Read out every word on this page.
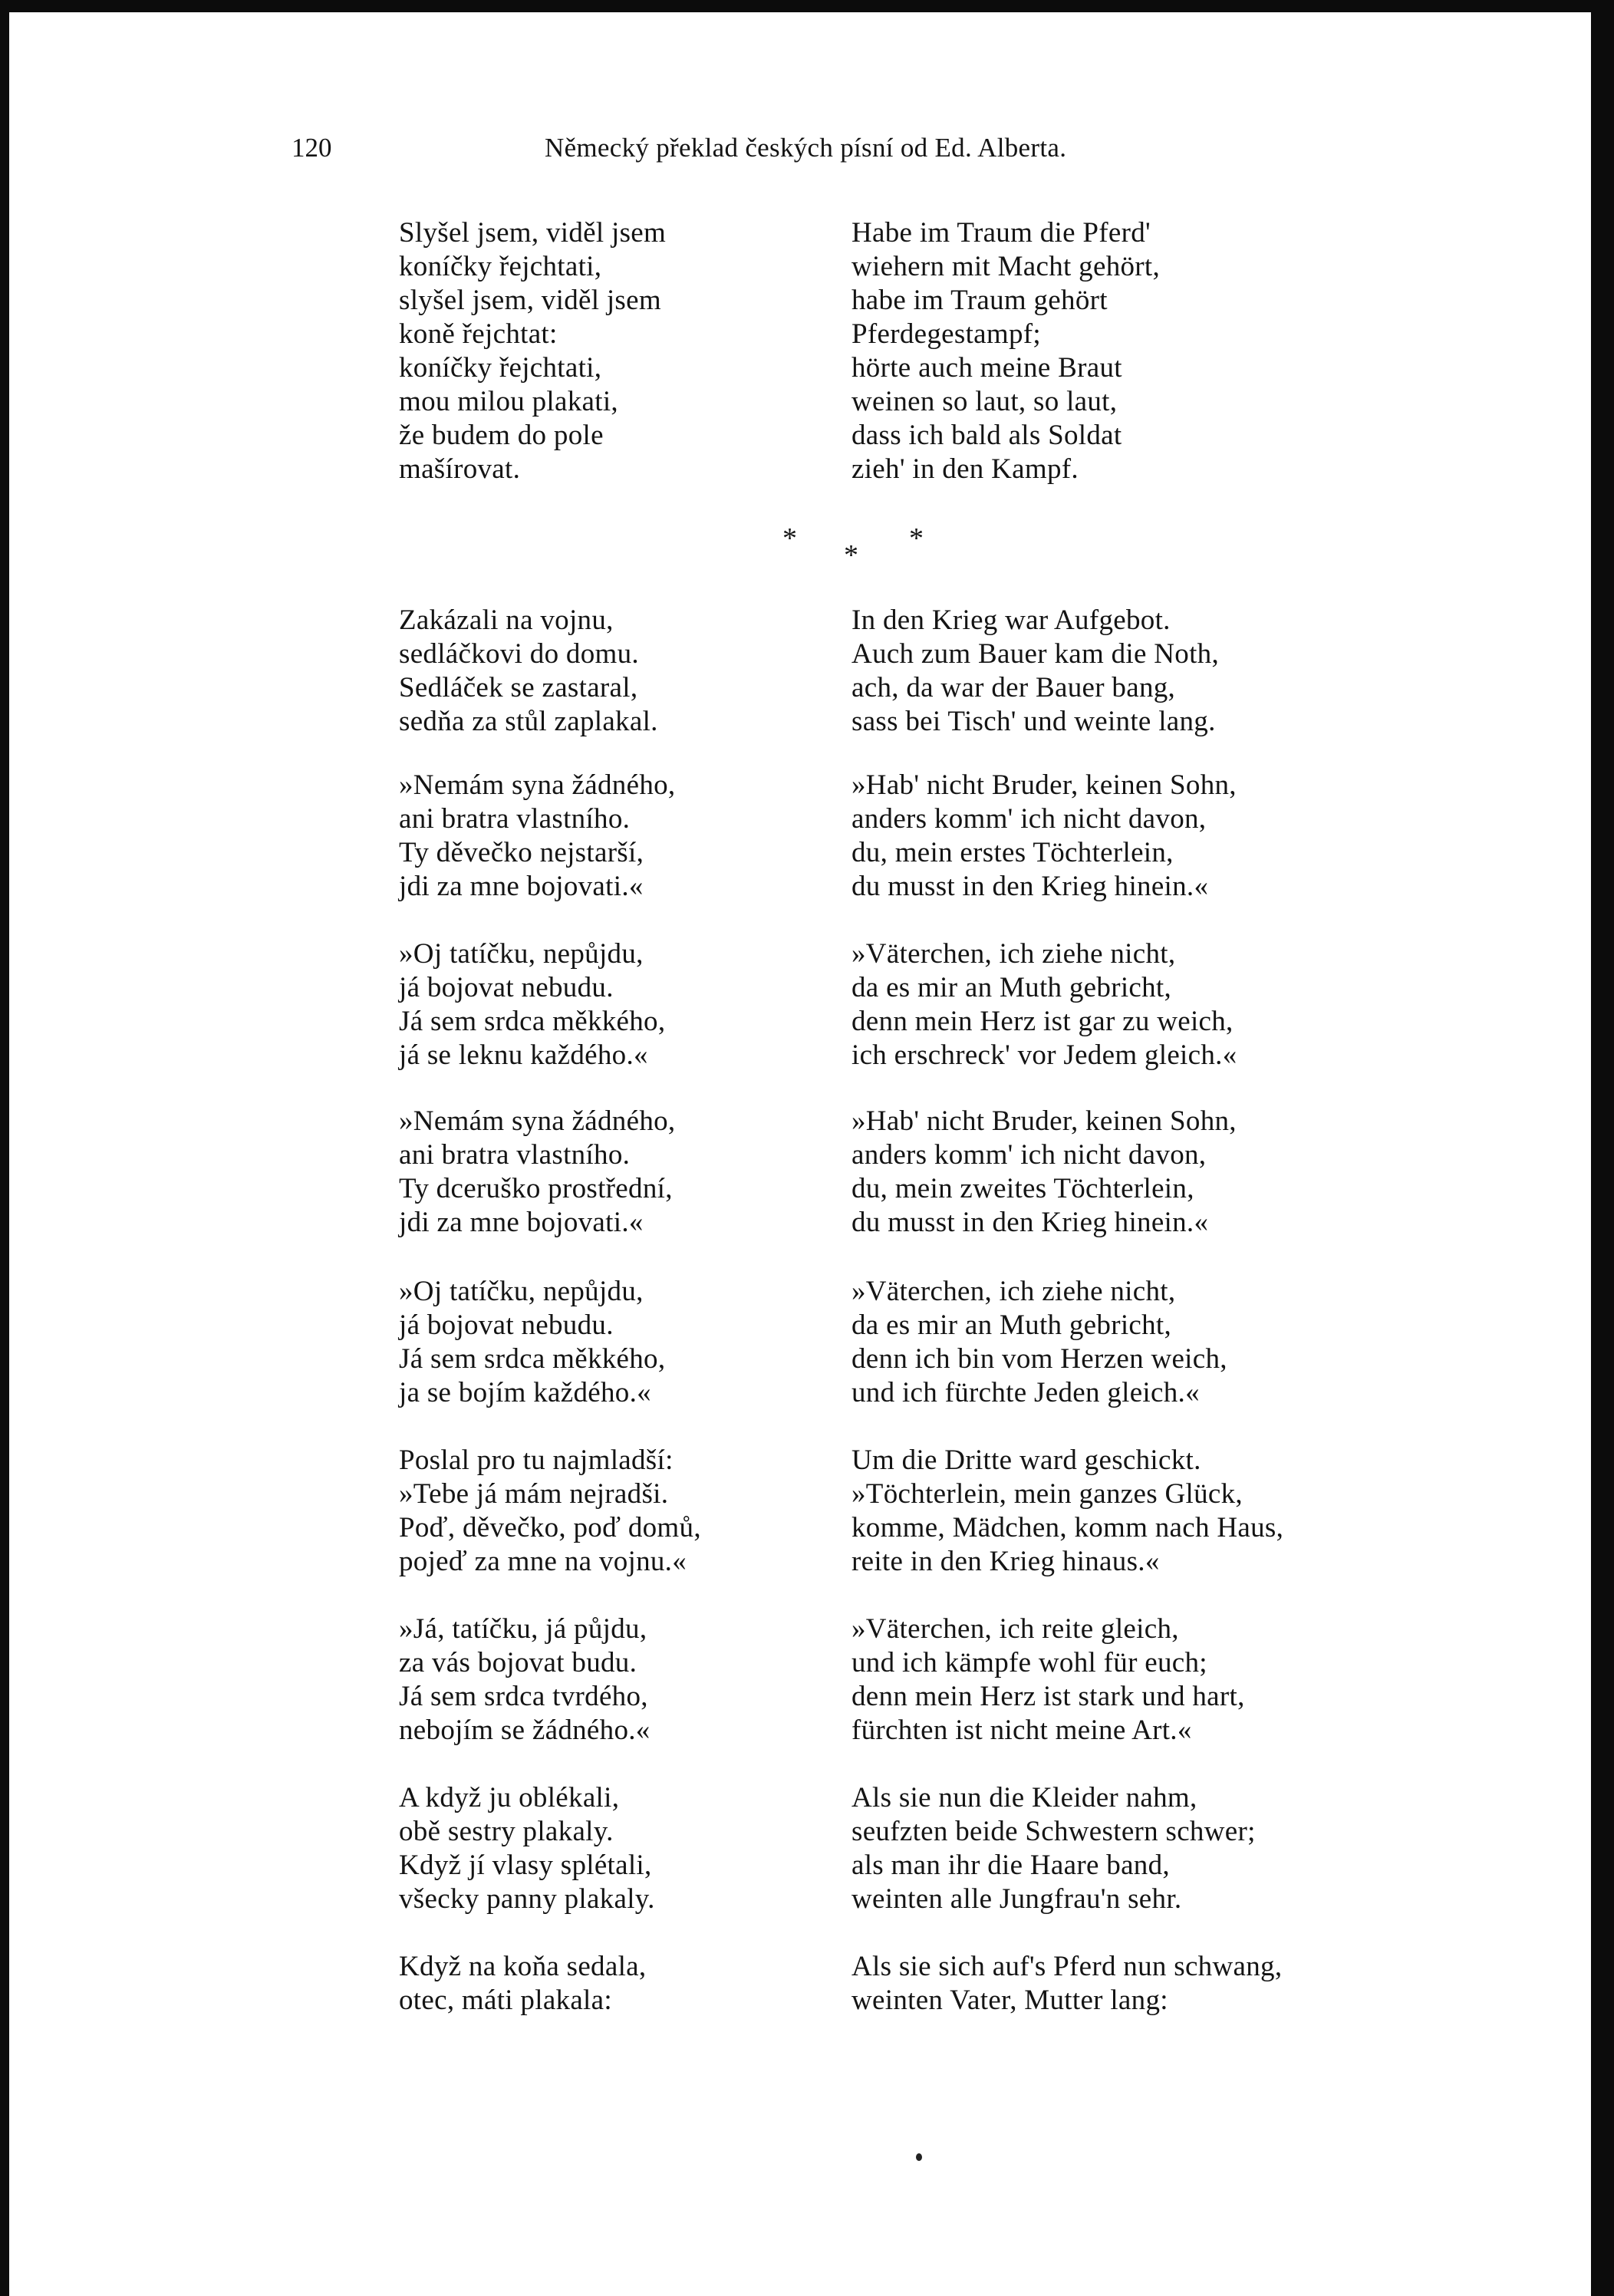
120	Německý překlad českých písní od Ed. Alberta.
Slyšel jsem, viděl jsem
koníčky řejchtati,
slyšel jsem, viděl jsem
koně řejchtat:
koníčky řejchtati,
mou milou plakati,
že budem do pole
mašírovat.
Zakázali na vojnu,
sedláčkovi do domu.
Sedláček se zastaral,
sedňa za stůl zaplakal.
»Nemám syna žádného,
ani bratra vlastního.
Ty děvečko nejstarší,
jdi za mne bojovati.«
»Oj tatíčku, nepůjdu,
já bojovat nebudu.
Já sem srdca měkkého,
já se leknu každého.«
»Nemám syna žádného,
ani bratra vlastního.
Ty dceruško prostřední,
jdi za mne bojovati.«
»Oj tatíčku, nepůjdu,
já bojovat nebudu.
Já sem srdca měkkého,
ja se bojím každého.«
Poslal pro tu najmladší:
»Tebe já mám nejradši.
Poď, děvečko, poď domů,
pojeď za mne na vojnu.«
»Já, tatíčku, já půjdu,
za vás bojovat budu.
Já sem srdca tvrdého,
nebojím se žádného.«
A když ju oblékali,
obě sestry plakaly.
Když jí vlasy splétali,
všecky panny plakaly.
Když na koňa sedala,
otec, máti plakala:
Habe im Traum die Pferd'
wiehern mit Macht gehört,
habe im Traum gehört
Pferdegestampf;
hörte auch meine Braut
weinen so laut, so laut,
dass ich bald als Soldat
zieh' in den Kampf.
In den Krieg war Aufgebot.
Auch zum Bauer kam die Noth,
ach, da war der Bauer bang,
sass bei Tisch' und weinte lang.
»Hab' nicht Bruder, keinen Sohn,
anders komm' ich nicht davon,
du, mein erstes Töchterlein,
du musst in den Krieg hinein.«
»Väterchen, ich ziehe nicht,
da es mir an Muth gebricht,
denn mein Herz ist gar zu weich,
ich erschreck' vor Jedem gleich.«
»Hab' nicht Bruder, keinen Sohn,
anders komm' ich nicht davon,
du, mein zweites Töchterlein,
du musst in den Krieg hinein.«
»Väterchen, ich ziehe nicht,
da es mir an Muth gebricht,
denn ich bin vom Herzen weich,
und ich fürchte Jeden gleich.«
Um die Dritte ward geschickt.
»Töchterlein, mein ganzes Glück,
komme, Mädchen, komm nach Haus,
reite in den Krieg hinaus.«
»Väterchen, ich reite gleich,
und ich kämpfe wohl für euch;
denn mein Herz ist stark und hart,
fürchten ist nicht meine Art.«
Als sie nun die Kleider nahm,
seufzten beide Schwestern schwer;
als man ihr die Haare band,
weinten alle Jungfrau'n sehr.
Als sie sich auf's Pferd nun schwang,
weinten Vater, Mutter lang:
*
*
*
